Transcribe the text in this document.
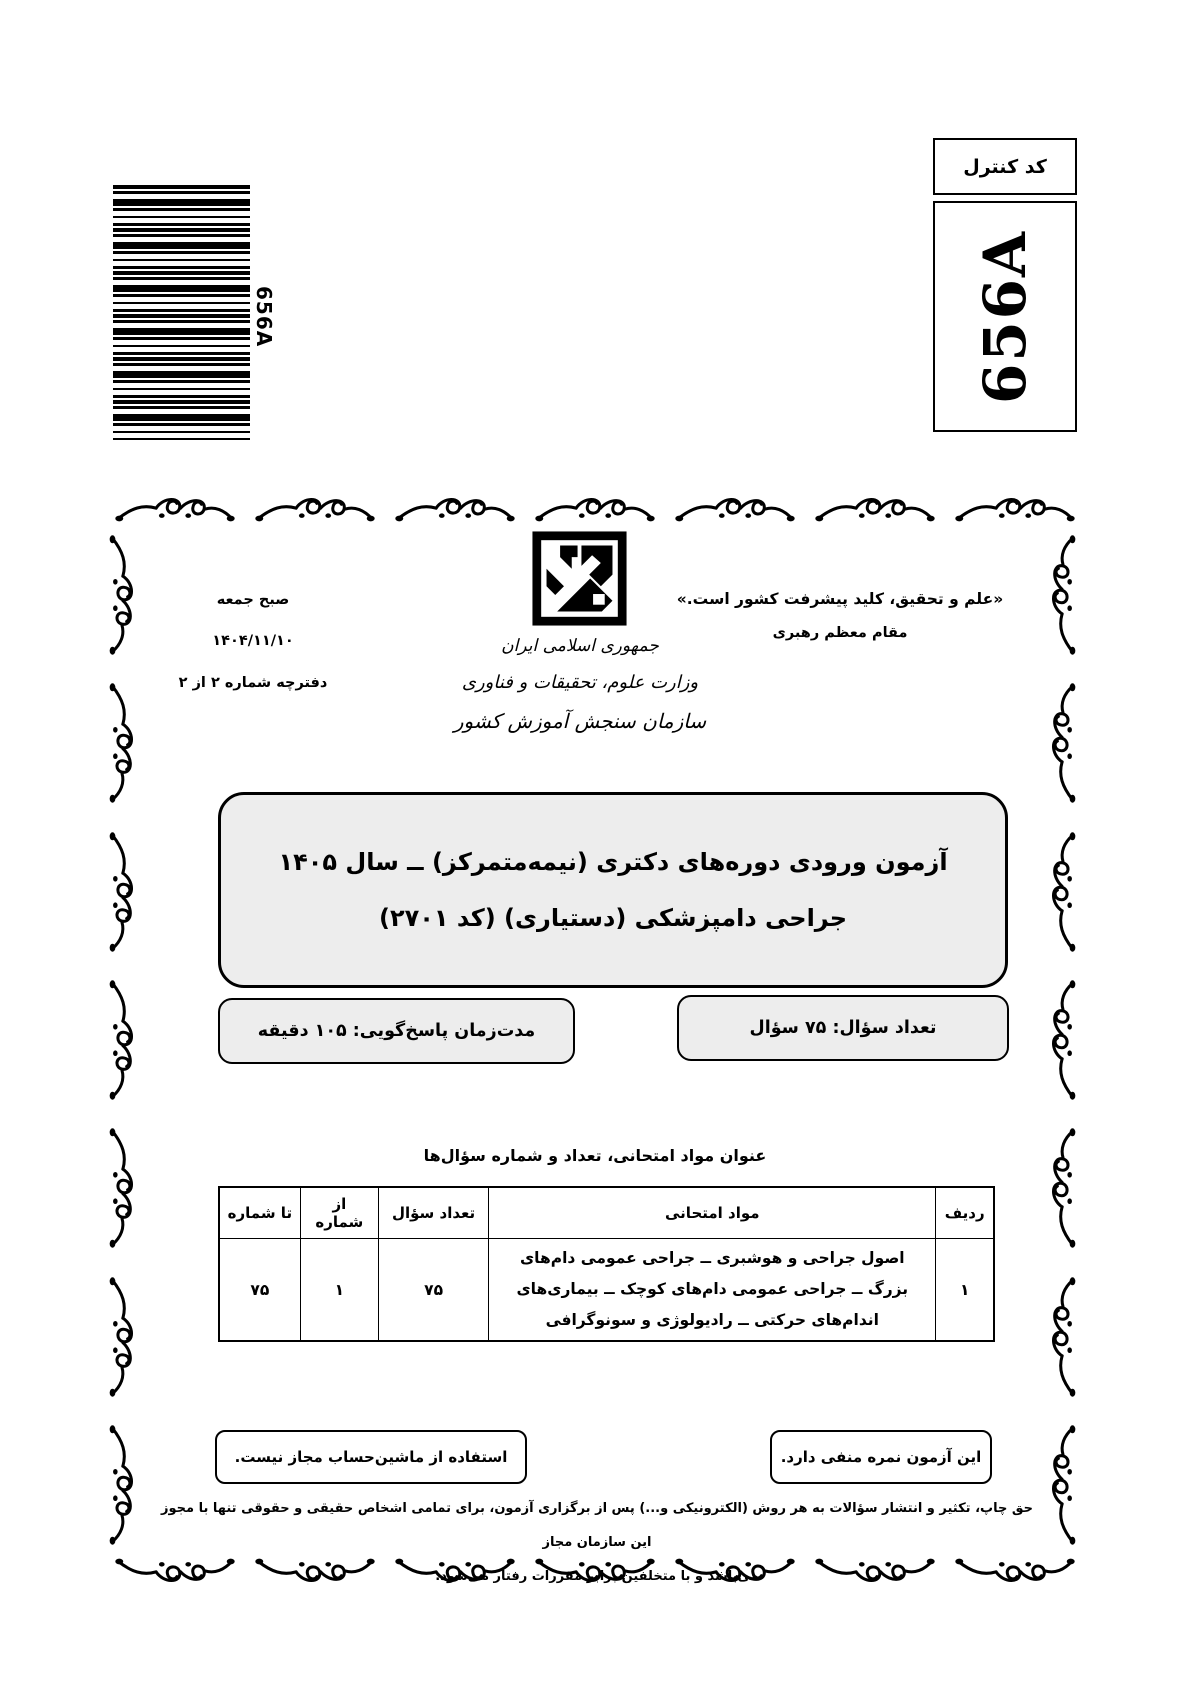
656A
کد کنترل
656A
«علم و تحقیق، کلید پیشرفت کشور است.»
مقام معظم رهبری
صبح جمعه
۱۴۰۴/۱۱/۱۰
دفترچه شماره ۲ از ۲
جمهوری اسلامی ایران
وزارت علوم، تحقیقات و فناوری
سازمان سنجش آموزش کشور
آزمون ورودی دوره‌های دکتری (نیمه‌متمرکز) ــ سال ۱۴۰۵
جراحی دامپزشکی (دستیاری) (کد ۲۷۰۱)
تعداد سؤال: ۷۵ سؤال
مدت‌زمان پاسخ‌گویی: ۱۰۵ دقیقه
عنوان مواد امتحانی، تعداد و شماره سؤال‌ها
ردیف	مواد امتحانی	تعداد سؤال	از شماره	تا شماره
۱	اصول جراحی و هوشبری ــ جراحی عمومی دام‌های بزرگ ــ جراحی عمومی دام‌های کوچک ــ بیماری‌های اندام‌های حرکتی ــ رادیولوژی و سونوگرافی	۷۵	۱	۷۵
این آزمون نمره منفی دارد.
استفاده از ماشین‌حساب مجاز نیست.
حق چاپ، تکثیر و انتشار سؤالات به هر روش (الکترونیکی و...) پس از برگزاری آزمون، برای تمامی اشخاص حقیقی و حقوقی تنها با مجوز این سازمان مجاز
می‌باشد و با متخلفین برابر مقررات رفتار می‌شود.
